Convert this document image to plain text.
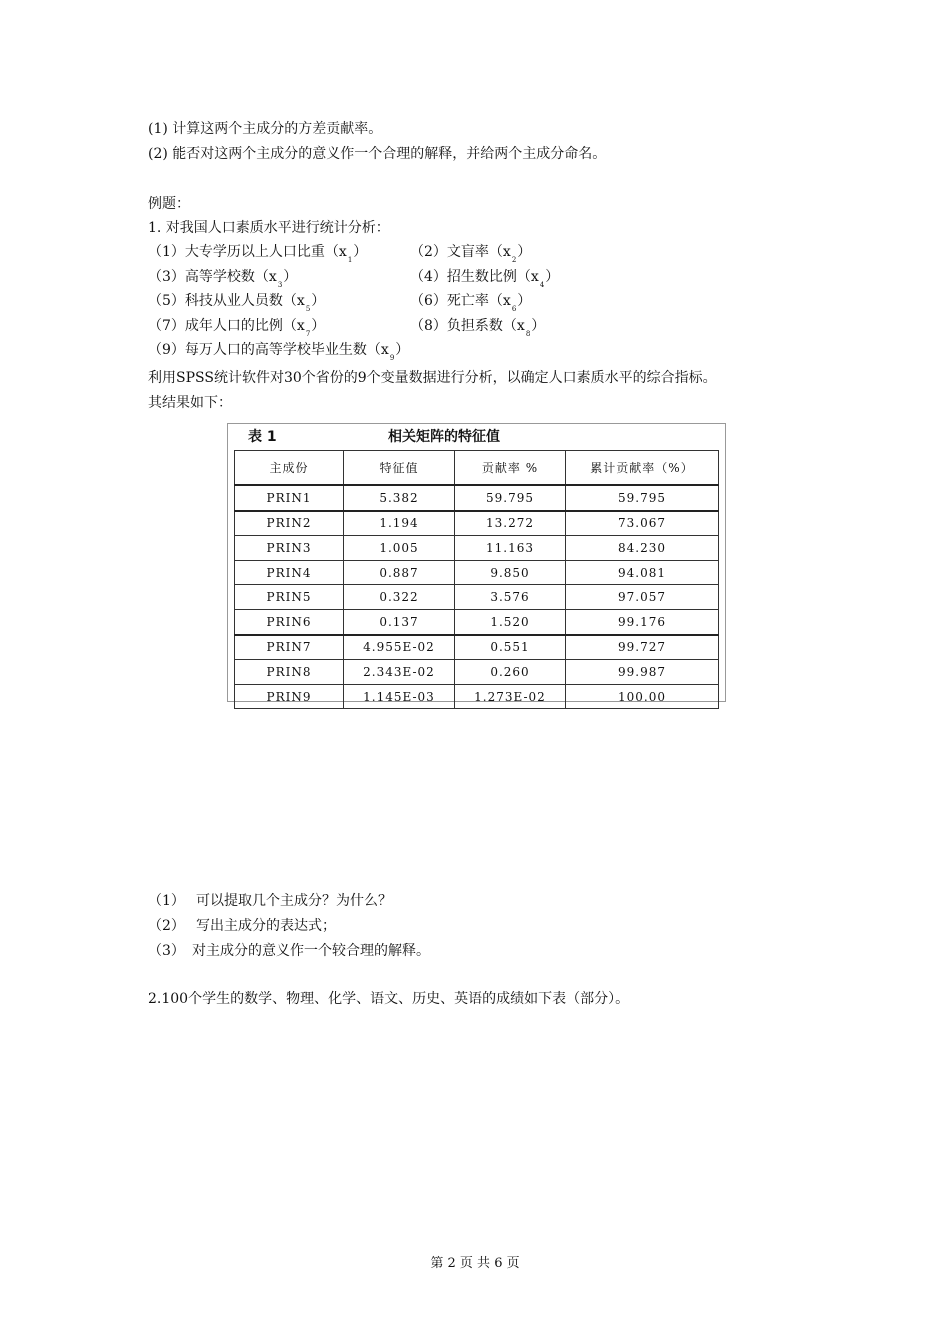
(1) 计算这两个主成分的方差贡献率。
(2) 能否对这两个主成分的意义作一个合理的解释，并给两个主成分命名。
例题：
1. 对我国人口素质水平进行统计分析：
（1）大专学历以上人口比重$(x_1)$	（2）文盲率$(x_2)$
（3）高等学校数$(x_3)$	（4）招生数比例$(x_4)$
（5）科技从业人员数$(x_5)$	（6）死亡率$(x_6)$
（7）成年人口的比例$(x_7)$	（8）负担系数$(x_8)$
（9）每万人口的高等学校毕业生数$(x_9)$
利用SPSS统计软件对30个省份的9个变量数据进行分析，以确定人口素质水平的综合指标。
其结果如下：
表 1	相关矩阵的特征值
主成份	特征值	贡献率 %	累计贡献率（%）
PRIN1	5.382	59.795	59.795
PRIN2	1.194	13.272	73.067
PRIN3	1.005	11.163	84.230
PRIN4	0.887	9.850	94.081
PRIN5	0.322	3.576	97.057
PRIN6	0.137	1.520	99.176
PRIN7	4.955E-02	0.551	99.727
PRIN8	2.343E-02	0.260	99.987
PRIN9	1.145E-03	1.273E-02	100.00
（1） 可以提取几个主成分？为什么？
（2） 写出主成分的表达式；
（3） 对主成分的意义作一个较合理的解释。
2.100个学生的数学、物理、化学、语文、历史、英语的成绩如下表（部分）。
第 2 页 共 6 页
